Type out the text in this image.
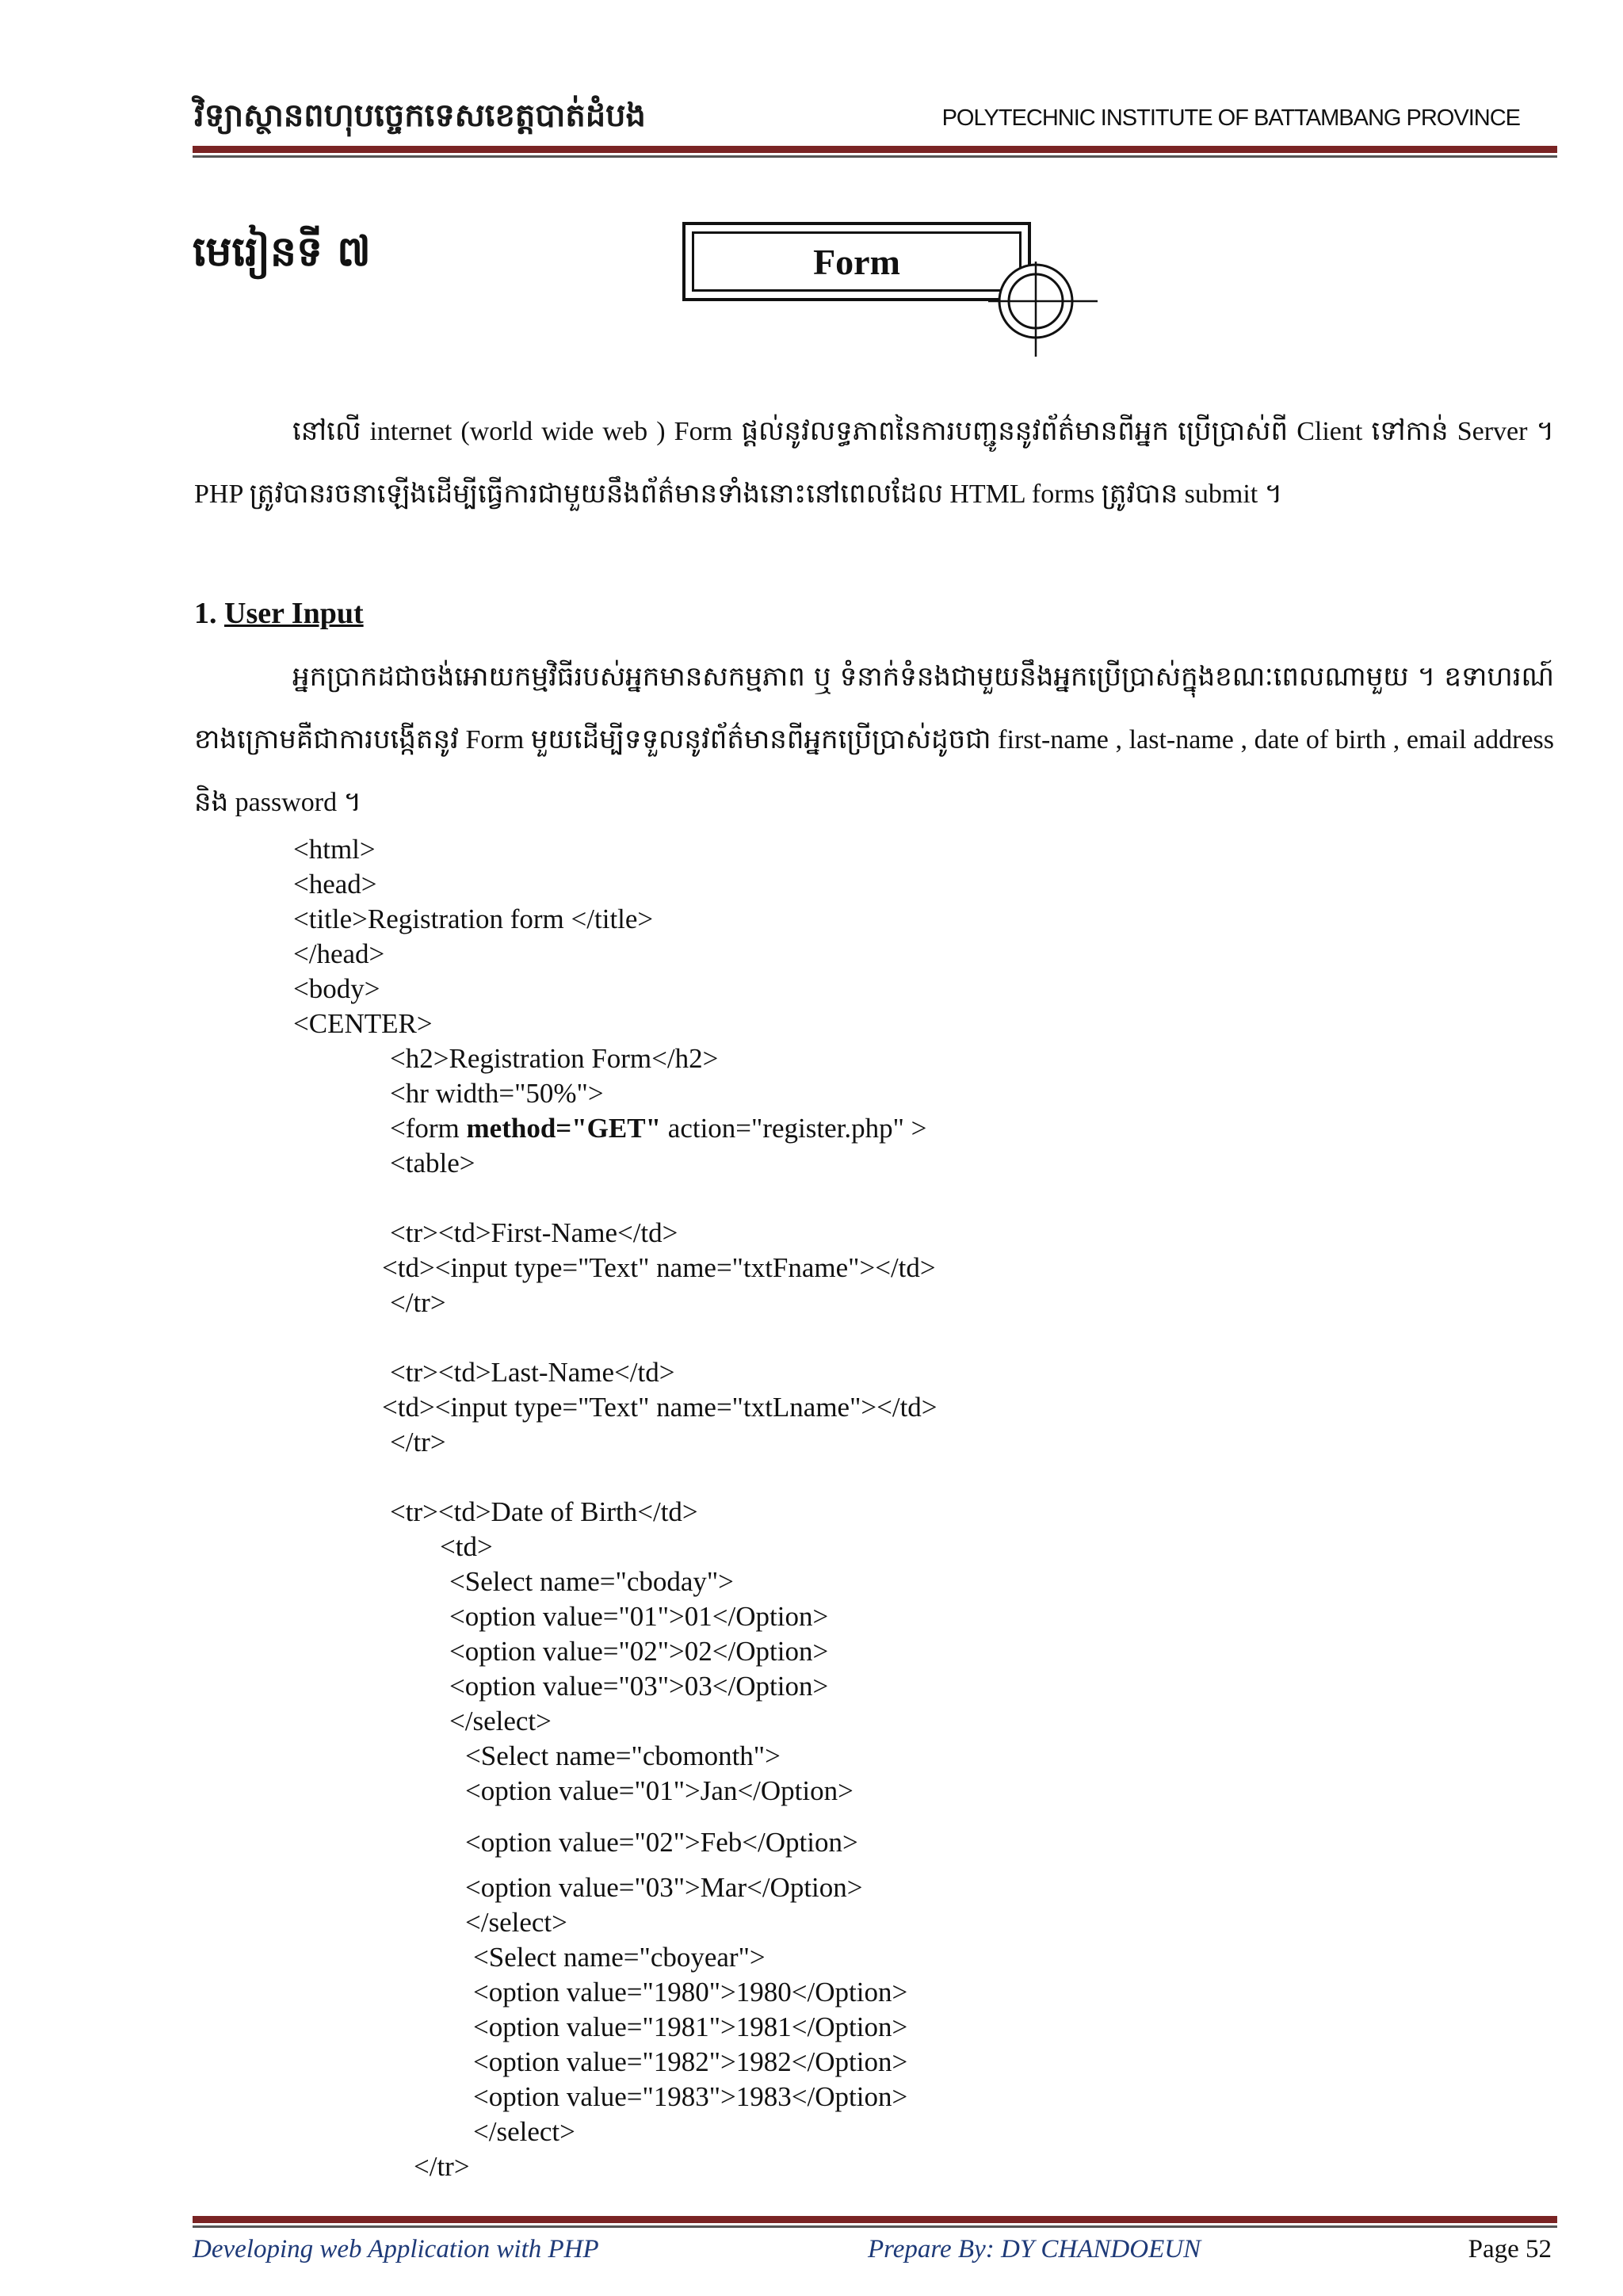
វិទ្យាស្ថានពហុបច្ចេកទេសខេត្តបាត់ដំបង	POLYTECHNIC INSTITUTE OF BATTAMBANG PROVINCE
មេរៀនទី ៧	Form
នៅលើ internet (world wide web ) Form ផ្តល់នូវលទ្ធភាពនៃការបញ្ជូននូវព័ត៌មានពីអ្នក ប្រើប្រាស់ពី Client ទៅកាន់ Server ។ PHP ត្រូវបានរចនាឡើងដើម្បីធ្វើការជាមួយនឹងព័ត៌មានទាំងនោះនៅពេលដែល HTML forms ត្រូវបាន submit ។
1. User Input
អ្នកប្រាកដជាចង់អោយកម្មវិធីរបស់អ្នកមានសកម្មភាព ឬ ទំនាក់ទំនងជាមួយនឹងអ្នកប្រើប្រាស់ក្នុងខណៈពេលណាមួយ ។ ឧទាហរណ៍ខាងក្រោមគឺជាការបង្កើតនូវ Form មួយដើម្បីទទួលនូវព័ត៌មានពីអ្នកប្រើប្រាស់ដូចជា first-name , last-name , date of birth , email address និង password ។
<html>
<head>
<title>Registration form </title>
</head>
<body>
<CENTER>
<h2>Registration Form</h2>
<hr width="50%">
<form method="GET" action="register.php" >
<table>
<tr><td>First-Name</td>
<td><input type="Text" name="txtFname"></td>
</tr>
<tr><td>Last-Name</td>
<td><input type="Text" name="txtLname"></td>
</tr>
<tr><td>Date of Birth</td>
<td>
<Select name="cboday">
<option value="01">01</Option>
<option value="02">02</Option>
<option value="03">03</Option>
</select>
<Select name="cbomonth">
<option value="01">Jan</Option>
<option value="02">Feb</Option>
<option value="03">Mar</Option>
</select>
<Select name="cboyear">
<option value="1980">1980</Option>
<option value="1981">1981</Option>
<option value="1982">1982</Option>
<option value="1983">1983</Option>
</select>
</tr>
Developing web Application with PHP	Prepare By: DY CHANDOEUN	Page 52
